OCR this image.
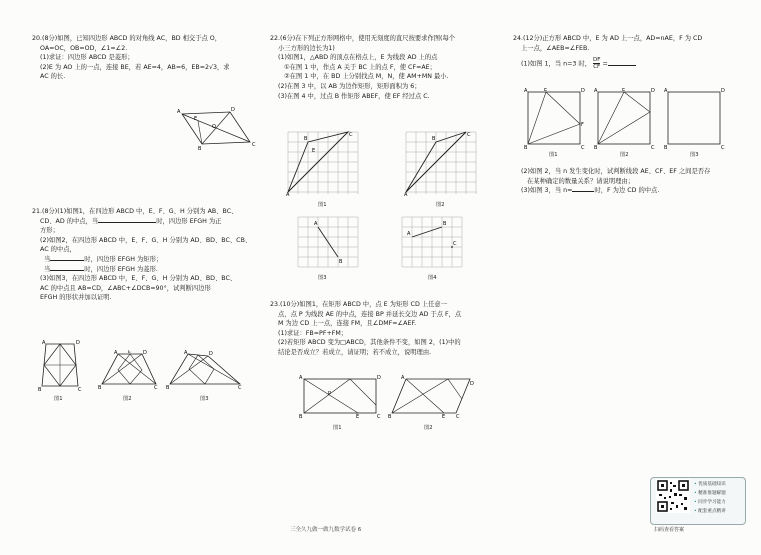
20.(8分)如图，已知四边形 ABCD 的对角线 AC，BD 相交于点 O，

OA=OC，OB=OD，∠1=∠2.

(1)求证：四边形 ABCD 是菱形；

(2)E 为 AO 上的一点，连接 BE，若 AE=4，AB=6，EB=2√3，求

AC 的长.

21.(8分)(1)如图1，在四边形 ABCD 中，E、F、G、H 分别为 AB、BC、

CD、AD 的中点，当	时，四边形 EFGH 为正

方形；

(2)如图2，在四边形 ABCD 中，E、F、G、H 分别为 AD、BD、BC、CB、

AC 的中点，

当	时，四边形 EFGH 为矩形；

当	时，四边形 EFGH 为菱形.

(3)如图3，在四边形 ABCD 中，E、F、G、H 分别为 AD、BD、BC、

AC 的中点且 AB=CD，∠ABC+∠DCB=90°，试判断四边形

EFGH 的形状并加以证明.

A	D
C
B
O
E
A	D
B	C
图1
A	D
B	C
E
图2
A	D
B	C
图3

22.(6分)在下列正方形网格中，使用无刻度的直尺按要求作图(每个

小三方形的边长为1)

(1)如图1，△ABD 的顶点在格点上，E 为线段 AD 上的点

①在图 1 中，作点 A 关于 BC 上的点 F，使 CF=AE；

②在图 1 中，在 BD 上分别找点 M，N，使 AM+MN 最小.

(2)在图 3 中，以 AB 为边作矩形，矩形面积为 6；

(3)在图 4 中，过点 B 作矩形 ABEF，使 EF 经过点 C.

B
C
A
E
图1
B
C
A
图2
A
B
图3
A
B
C
图4

23.(10分)如图1，在矩形 ABCD 中，点 E 为矩形 CD 上任意一

点，点 P 为线段 AE 的中点，连接 BP 并延长交边 AD 于点 F，点

M 为边 CD 上一点，连接 FM，且∠DMF=∠AEF.

(1)求证：FB=PF+FM；

(2)若矩形 ABCD 变为□ABCD，其他条件不变，如图 2，(1)中的

结论是否成立？若成立，请证明；若不成立，说明理由.

A	D
B	C
E
P
图1
A
D
B	C
E
图2

24.(12分)正方形 ABCD 中，E 为 AD 上一点，AD=nAE，F 为 CD

上一点，∠AEB=∠FEB.

(1)如图 1，当 n=3 时， $\frac{DF}{CF}$ =

A	E	D
B	C
F
图1
A	E	D
B	C
图2
A	D
B	C
图3

(2)如图 2，当 n 发生变化时，试判断线段 AE、CF、EF 之间是否存

在某种确定的数量关系？请说明理由；

(3)如图 3，当 n=	时，F 为边 CD 的中点.

三全久九做一做九数学试卷 6	扫码查看答案
• 优质基础知识
• 精准推题解题
• 同步学习能力
• 配套重点精讲
